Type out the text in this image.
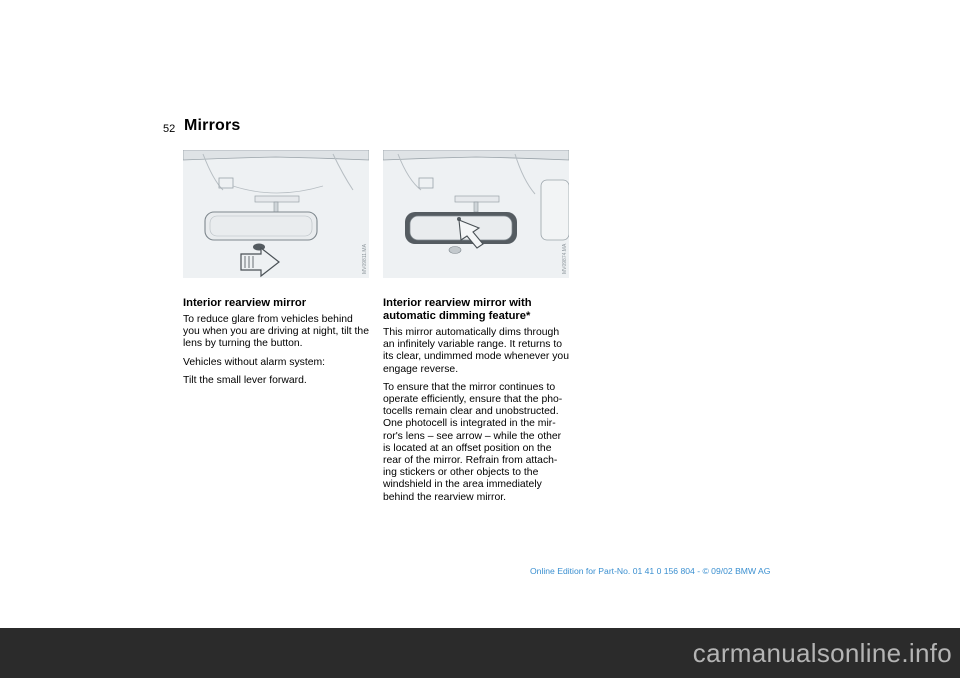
52 Mirrors
MV09811.MA	MV09874.MA
Interior rearview mirror

To reduce glare from vehicles behind you when you are driving at night, tilt the lens by turning the button.

Vehicles without alarm system:

Tilt the small lever forward.

Interior rearview mirror with automatic dimming feature*

This mirror automatically dims through an infinitely variable range. It returns to its clear, undimmed mode whenever you engage reverse.

To ensure that the mirror continues to operate efficiently, ensure that the pho-tocells remain clear and unobstructed. One photocell is integrated in the mir-ror's lens – see arrow – while the other is located at an offset position on the rear of the mirror. Refrain from attach-ing stickers or other objects to the windshield in the area immediately behind the rearview mirror.

Online Edition for Part-No. 01 41 0 156 804 - © 09/02 BMW AG
carmanualsonline.info
